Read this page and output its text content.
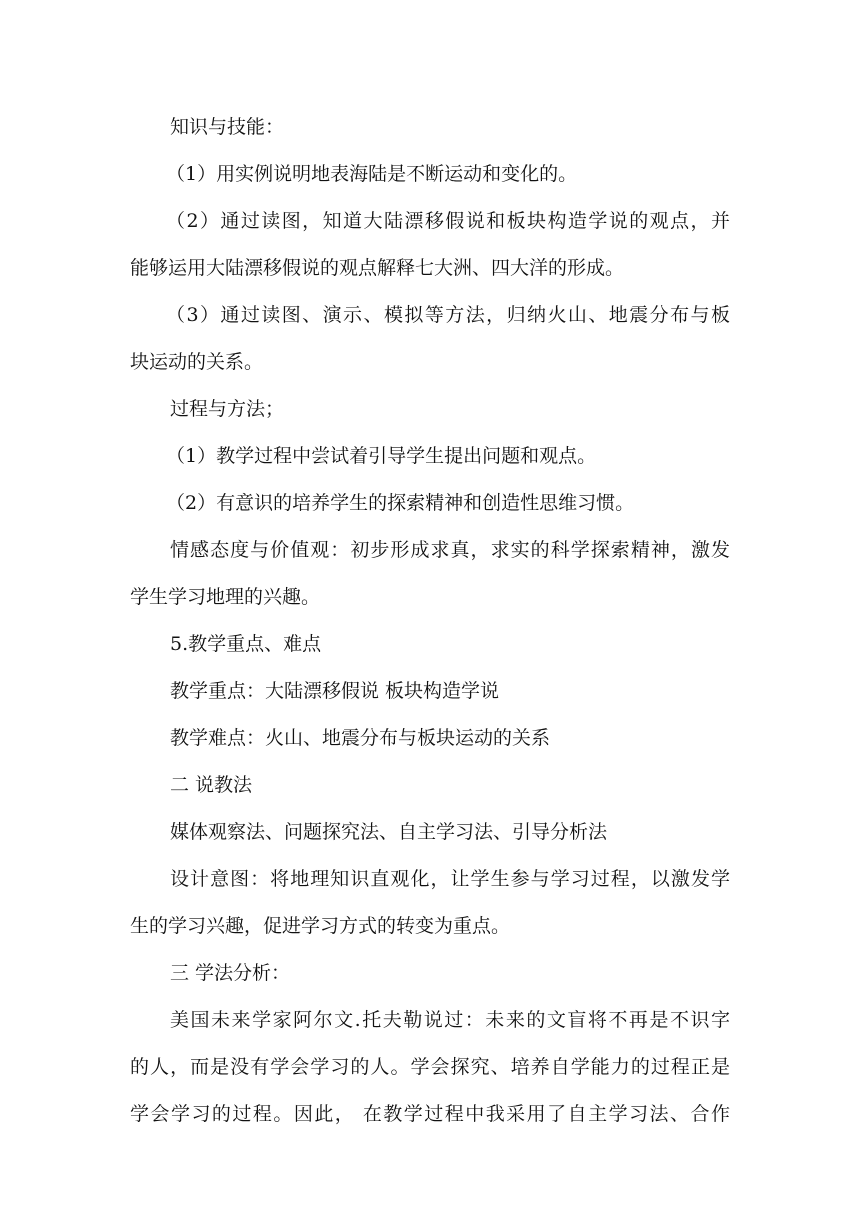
知识与技能：

（1）用实例说明地表海陆是不断运动和变化的。

（2）通过读图，知道大陆漂移假说和板块构造学说的观点，并

能够运用大陆漂移假说的观点解释七大洲、四大洋的形成。

（3）通过读图、演示、模拟等方法，归纳火山、地震分布与板

块运动的关系。

过程与方法；

（1）教学过程中尝试着引导学生提出问题和观点。

（2）有意识的培养学生的探索精神和创造性思维习惯。

情感态度与价值观：初步形成求真，求实的科学探索精神，激发

学生学习地理的兴趣。

5.教学重点、难点

教学重点：大陆漂移假说 板块构造学说

教学难点：火山、地震分布与板块运动的关系

二 说教法

媒体观察法、问题探究法、自主学习法、引导分析法

设计意图：将地理知识直观化，让学生参与学习过程，以激发学

生的学习兴趣，促进学习方式的转变为重点。

三 学法分析：

美国未来学家阿尔文.托夫勒说过：未来的文盲将不再是不识字

的人，而是没有学会学习的人。学会探究、培养自学能力的过程正是

学会学习的过程。因此， 在教学过程中我采用了自主学习法、合作
